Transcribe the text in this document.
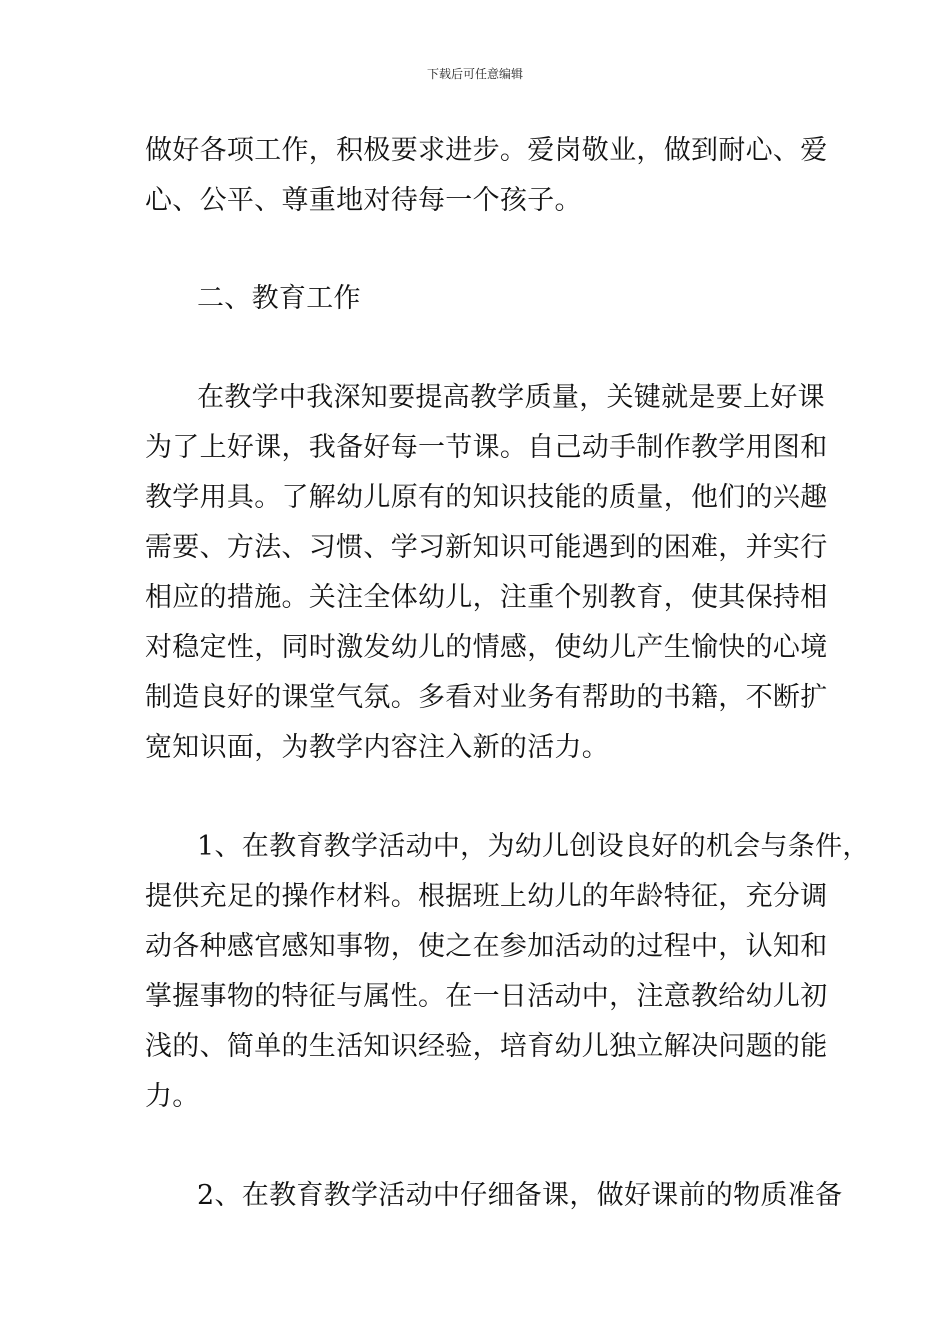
下载后可任意编辑
做好各项工作，积极要求进步。爱岗敬业，做到耐心、爱
心、公平、尊重地对待每一个孩子。
二、教育工作
在教学中我深知要提高教学质量，关键就是要上好课
为了上好课，我备好每一节课。自己动手制作教学用图和
教学用具。了解幼儿原有的知识技能的质量，他们的兴趣
需要、方法、习惯、学习新知识可能遇到的困难，并实行
相应的措施。关注全体幼儿，注重个别教育，使其保持相
对稳定性，同时激发幼儿的情感，使幼儿产生愉快的心境
制造良好的课堂气氛。多看对业务有帮助的书籍，不断扩
宽知识面，为教学内容注入新的活力。
1、在教育教学活动中，为幼儿创设良好的机会与条件，
提供充足的操作材料。根据班上幼儿的年龄特征，充分调
动各种感官感知事物，使之在参加活动的过程中，认知和
掌握事物的特征与属性。在一日活动中，注意教给幼儿初
浅的、简单的生活知识经验，培育幼儿独立解决问题的能
力。
2、在教育教学活动中仔细备课，做好课前的物质准备
